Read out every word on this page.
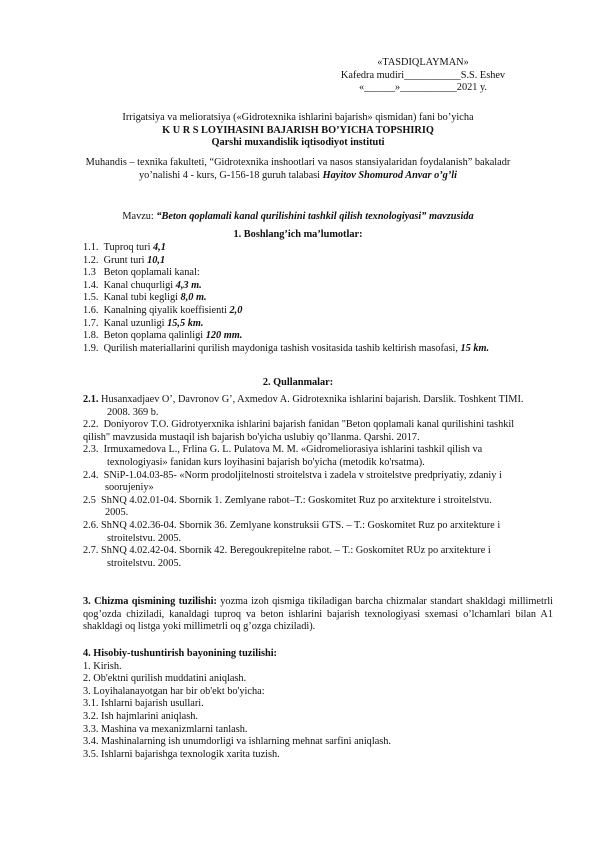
«TASDIQLAYMAN»
Kafedra mudiri___________S.S. Eshev
«______»___________2021 y.
Irrigatsiya va melioratsiya («Gidrotexnika ishlarini bajarish» qismidan) fani bo’yicha
K U R S LOYIHASINI BAJARISH BO’YICHA TOPSHIRIQ
Qarshi muxandislik iqtisodiyot instituti
Muhandis – texnika fakulteti, “Gidrotexnika inshootlari va nasos stansiyalaridan foydalanish” bakaladr
yo’nalishi 4 - kurs, G-156-18 guruh talabasi Hayitov Shomurod Anvar o’g’li
Mavzu: “Beton qoplamali kanal qurilishini tashkil qilish texnologiyasi” mavzusida
1. Boshlang’ich ma’lumotlar:
1.1. Tuproq turi 4,1
1.2. Grunt turi 10,1
1.3 Beton qoplamali kanal:
1.4. Kanal chuqurligi 4,3 m.
1.5. Kanal tubi kegligi 8,0 m.
1.6. Kanalning qiyalik koeffisienti 2,0
1.7. Kanal uzunligi 15,5 km.
1.8. Beton qoplama qalinligi 120 mm.
1.9. Qurilish materiallarini qurilish maydoniga tashish vositasida tashib keltirish masofasi, 15 km.
2. Qullanmalar:
2.1. Husanxadjaev O’, Davronov G’, Axmedov A. Gidrotexnika ishlarini bajarish. Darslik. Toshkent TIMI.
2008. 369 b.
2.2. Doniyorov T.O. Gidrotyerxnika ishlarini bajarish fanidan "Beton qoplamali kanal qurilishini tashkil
qilish" mavzusida mustaqil ish bajarish bo'yicha uslubiy qo’llanma. Qarshi. 2017.
2.3. Irmuxamedova L., Frlina G. L. Pulatova M. M. «Gidromeliorasiya ishlarini tashkil qilish va
texnologiyasi» fanidan kurs loyihasini bajarish bo'yicha (metodik ko'rsatma).
2.4. SNiP-1.04.03-85- «Norm prodoljitelnosti stroitelstva i zadela v stroitelstve predpriyatiy, zdaniy i
soorujeniy»
2.5 ShNQ 4.02.01-04. Sbornik 1. Zemlyane rabot–T.: Goskomitet Ruz po arxitekture i stroitelstvu.
2005.
2.6. ShNQ 4.02.36-04. Sbornik 36. Zemlyane konstruksii GTS. – T.: Goskomitet Ruz po arxitekture i
stroitelstvu. 2005.
2.7. ShNQ 4.02.42-04. Sbornik 42. Beregoukrepitelne rabot. – T.: Goskomitet RUz po arxitekture i
stroitelstvu. 2005.
3. Chizma qismining tuzilishi: yozma izoh qismiga tikiladigan barcha chizmalar standart shakldagi millimetrli qog’ozda chiziladi, kanaldagi tuproq va beton ishlarini bajarish texnologiyasi sxemasi o’lchamlari bilan A1 shakldagi oq listga yoki millimetrli oq g’ozga chiziladi).
4. Hisobiy-tushuntirish bayonining tuzilishi:
1. Kirish.
2. Ob'ektni qurilish muddatini aniqlash.
3. Loyihalanayotgan har bir ob'ekt bo'yicha:
3.1. Ishlarni bajarish usullari.
3.2. Ish hajmlarini aniqlash.
3.3. Mashina va mexanizmlarni tanlash.
3.4. Mashinalarning ish unumdorligi va ishlarning mehnat sarfini aniqlash.
3.5. Ishlarni bajarishga texnologik xarita tuzish.
